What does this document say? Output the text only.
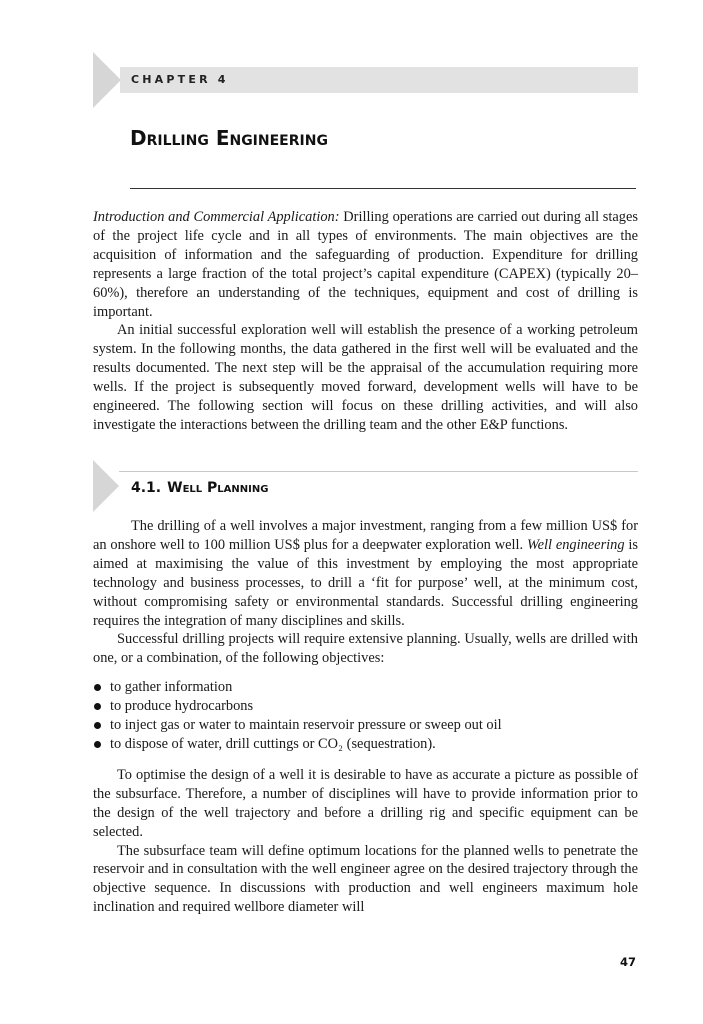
CHAPTER 4
Drilling Engineering

Introduction and Commercial Application: Drilling operations are carried out during all stages of the project life cycle and in all types of environments. The main objectives are the acquisition of information and the safeguarding of production. Expenditure for drilling represents a large fraction of the total project’s capital expenditure (CAPEX) (typically 20–60%), therefore an understanding of the techniques, equipment and cost of drilling is important.

An initial successful exploration well will establish the presence of a working petroleum system. In the following months, the data gathered in the first well will be evaluated and the results documented. The next step will be the appraisal of the accumulation requiring more wells. If the project is subsequently moved forward, development wells will have to be engineered. The following section will focus on these drilling activities, and will also investigate the interactions between the drilling team and the other E&P functions.

4.1. Well Planning

The drilling of a well involves a major investment, ranging from a few million US$ for an onshore well to 100 million US$ plus for a deepwater exploration well. Well engineering is aimed at maximising the value of this investment by employing the most appropriate technology and business processes, to drill a ‘fit for purpose’ well, at the minimum cost, without compromising safety or environmental standards. Successful drilling engineering requires the integration of many disciplines and skills.

Successful drilling projects will require extensive planning. Usually, wells are drilled with one, or a combination, of the following objectives:

to gather information
to produce hydrocarbons
to inject gas or water to maintain reservoir pressure or sweep out oil
to dispose of water, drill cuttings or CO₂ (sequestration).

To optimise the design of a well it is desirable to have as accurate a picture as possible of the subsurface. Therefore, a number of disciplines will have to provide information prior to the design of the well trajectory and before a drilling rig and specific equipment can be selected.

The subsurface team will define optimum locations for the planned wells to penetrate the reservoir and in consultation with the well engineer agree on the desired trajectory through the objective sequence. In discussions with production and well engineers maximum hole inclination and required wellbore diameter will

47
